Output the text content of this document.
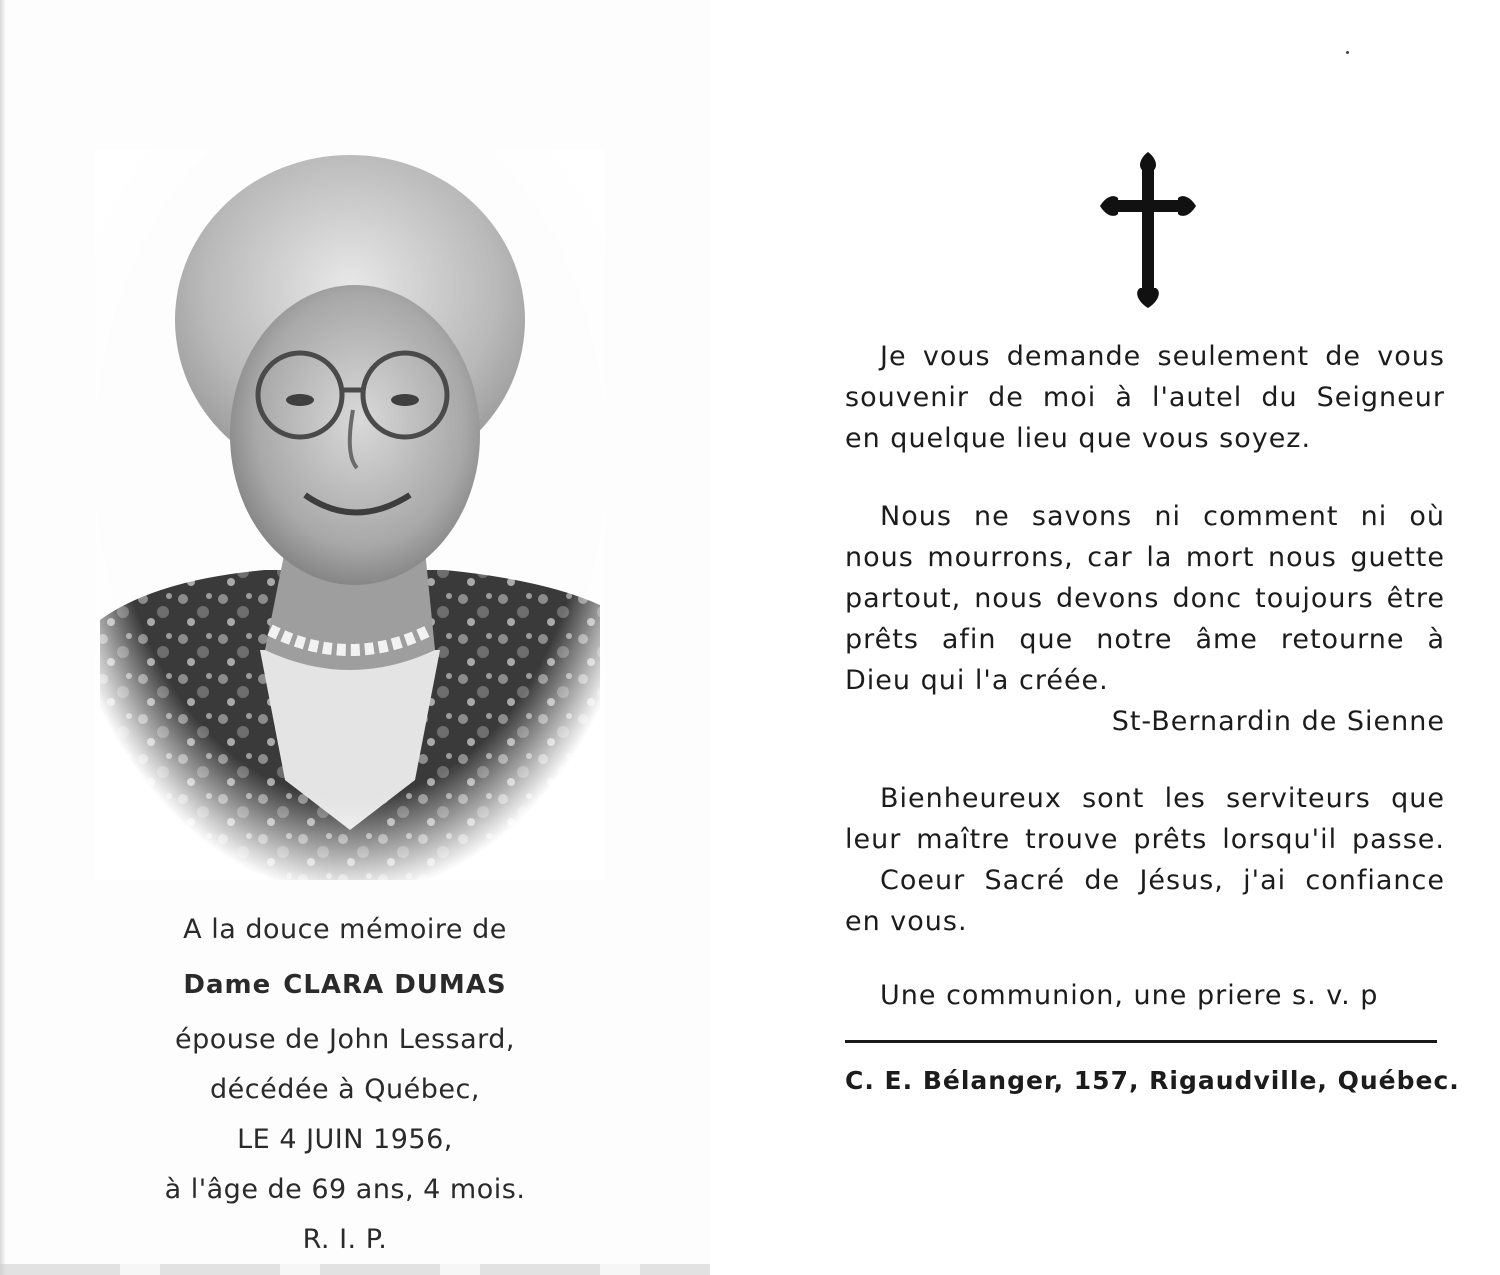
A la douce mémoire de
Dame CLARA DUMAS
épouse de John Lessard,
décédée à Québec,
LE 4 JUIN 1956,
à l'âge de 69 ans, 4 mois.
R. I. P.
Je vous demande seulement de vous
souvenir de moi à l'autel du Seigneur
en quelque lieu que vous soyez.
Nous ne savons ni comment ni où
nous mourrons, car la mort nous guette
partout, nous devons donc toujours être
prêts afin que notre âme retourne à
Dieu qui l'a créée.
St-Bernardin de Sienne
Bienheureux sont les serviteurs que
leur maître trouve prêts lorsqu'il passe.
Coeur Sacré de Jésus, j'ai confiance
en vous.
Une communion, une priere s. v. p
C. E. Bélanger, 157, Rigaudville, Québec.
